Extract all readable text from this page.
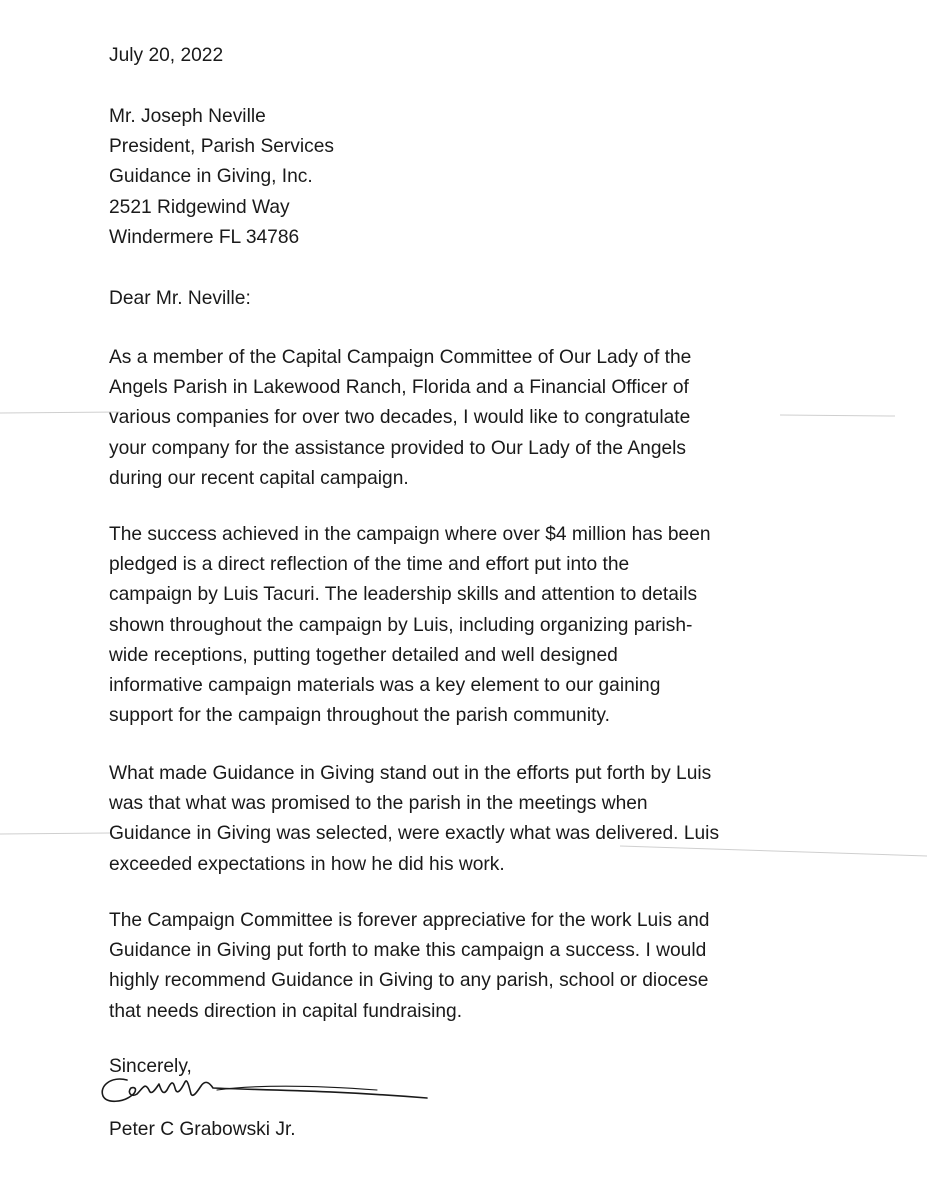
July 20, 2022
Mr. Joseph Neville
President, Parish Services
Guidance in Giving, Inc.
2521 Ridgewind Way
Windermere FL 34786
Dear Mr. Neville:
As a member of the Capital Campaign Committee of Our Lady of the
Angels Parish in Lakewood Ranch, Florida and a Financial Officer of
various companies for over two decades, I would like to congratulate
your company for the assistance provided to Our Lady of the Angels
during our recent capital campaign.
The success achieved in the campaign where over $4 million has been
pledged is a direct reflection of the time and effort put into the
campaign by Luis Tacuri. The leadership skills and attention to details
shown throughout the campaign by Luis, including organizing parish-
wide receptions, putting together detailed and well designed
informative campaign materials was a key element to our gaining
support for the campaign throughout the parish community.
What made Guidance in Giving stand out in the efforts put forth by Luis
was that what was promised to the parish in the meetings when
Guidance in Giving was selected, were exactly what was delivered. Luis
exceeded expectations in how he did his work.
The Campaign Committee is forever appreciative for the work Luis and
Guidance in Giving put forth to make this campaign a success. I would
highly recommend Guidance in Giving to any parish, school or diocese
that needs direction in capital fundraising.
Sincerely,
Peter C Grabowski Jr.
